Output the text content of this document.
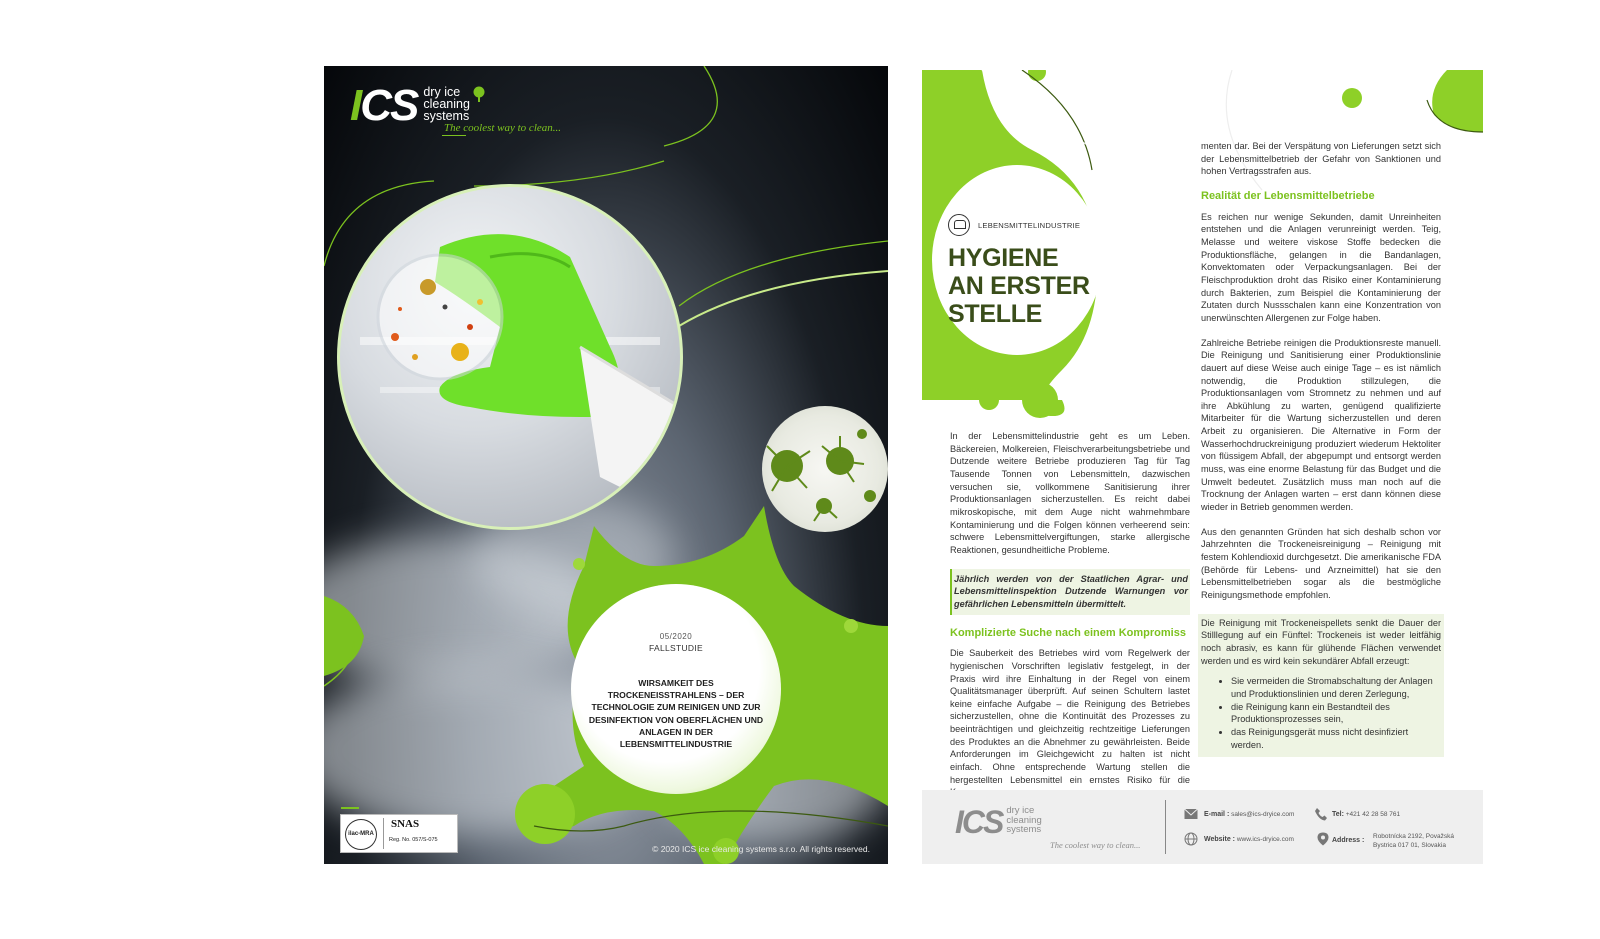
ICS dry ice
cleaning
systems
The coolest way to clean...
05/2020
FALLSTUDIE
WIRSAMKEIT DES TROCKENEISSTRAHLENS – DER TECHNOLOGIE ZUM REINIGEN UND ZUR DESINFEKTION VON OBERFLÄCHEN UND ANLAGEN IN DER LEBENSMITTELINDUSTRIE
ilac-MRA
SNAS
Reg. No. 057/S-075
© 2020 ICS ice cleaning systems s.r.o. All rights reserved.
LEBENSMITTELINDUSTRIE
HYGIENE AN ERSTER STELLE

In der Lebensmittelindustrie geht es um Leben. Bäckereien, Molkereien, Fleischverarbeitungsbetriebe und Dutzende weitere Betriebe produzieren Tag für Tag Tausende Tonnen von Lebensmitteln, dazwischen versuchen sie, vollkommene Sanitisierung ihrer Produktionsanlagen sicherzustellen. Es reicht dabei mikroskopische, mit dem Auge nicht wahrnehmbare Kontaminierung und die Folgen können verheerend sein: schwere Lebensmittelvergiftungen, starke allergische Reaktionen, gesundheitliche Probleme.

Jährlich werden von der Staatlichen Agrar- und Lebensmittelinspektion Dutzende Warnungen vor gefährlichen Lebensmitteln übermittelt.

Komplizierte Suche nach einem Kompromiss

Die Sauberkeit des Betriebes wird vom Regelwerk der hygienischen Vorschriften legislativ festgelegt, in der Praxis wird ihre Einhaltung in der Regel von einem Qualitätsmanager überprüft. Auf seinen Schultern lastet keine einfache Aufgabe – die Reinigung des Betriebes sicherzustellen, ohne die Kontinuität des Prozesses zu beeinträchtigen und gleichzeitig rechtzeitige Lieferungen des Produktes an die Abnehmer zu gewährleisten. Beide Anforderungen im Gleichgewicht zu halten ist nicht einfach. Ohne entsprechende Wartung stellen die hergestellten Lebensmittel ein ernstes Risiko für die

menten dar. Bei der Verspätung von Lieferungen setzt sich der Lebensmittelbetrieb der Gefahr von Sanktionen und hohen Vertragsstrafen aus.

Realität der Lebensmittelbetriebe

Es reichen nur wenige Sekunden, damit Unreinheiten entstehen und die Anlagen verunreinigt werden. Teig, Melasse und weitere viskose Stoffe bedecken die Produktionsfläche, gelangen in die Bandanlagen, Konvektomaten oder Verpackungsanlagen. Bei der Fleischproduktion droht das Risiko einer Kontaminierung durch Bakterien, zum Beispiel die Kontaminierung der Zutaten durch Nussschalen kann eine Konzentration von unerwünschten Allergenen zur Folge haben.

Zahlreiche Betriebe reinigen die Produktionsreste manuell. Die Reinigung und Sanitisierung einer Produktionslinie dauert auf diese Weise auch einige Tage – es ist nämlich notwendig, die Produktion stillzulegen, die Produktionsanlagen vom Stromnetz zu nehmen und auf ihre Abkühlung zu warten, genügend qualifizierte Mitarbeiter für die Wartung sicherzustellen und deren Arbeit zu organisieren. Die Alternative in Form der Wasserhochdruckreinigung produziert wiederum Hektoliter von flüssigem Abfall, der abgepumpt und entsorgt werden muss, was eine enorme Belastung für das Budget und die Umwelt bedeutet. Zusätzlich muss man noch auf die Trocknung der Anlagen warten – erst dann können diese wieder in Betrieb genommen werden.

Aus den genannten Gründen hat sich deshalb schon vor Jahrzehnten die Trockeneisreinigung – Reinigung mit festem Kohlendioxid durchgesetzt. Die amerikanische FDA (Behörde für Lebens- und Arzneimittel) hat sie den Lebensmittelbetrieben sogar als die bestmögliche Reinigungsmethode empfohlen.

Die Reinigung mit Trockeneispellets senkt die Dauer der Stilllegung auf ein Fünftel: Trockeneis ist weder leitfähig noch abrasiv, es kann für glühende Flächen verwendet werden und es wird kein sekundärer Abfall erzeugt:
• Sie vermeiden die Stromabschaltung der Anlagen und Produktionslinien und deren Zerlegung,
• die Reinigung kann ein Bestandteil des Produktionsprozesses sein,
• das Reinigungsgerät muss nicht desinfiziert werden.
ICS dry ice
cleaning
systems
The coolest way to clean...
E-mail : sales@ics-dryice.com
Website : www.ics-dryice.com
Tel: +421 42 28 58 761
Address :
Robotnícka 2192, Považská
Bystrica 017 01, Slovakia
